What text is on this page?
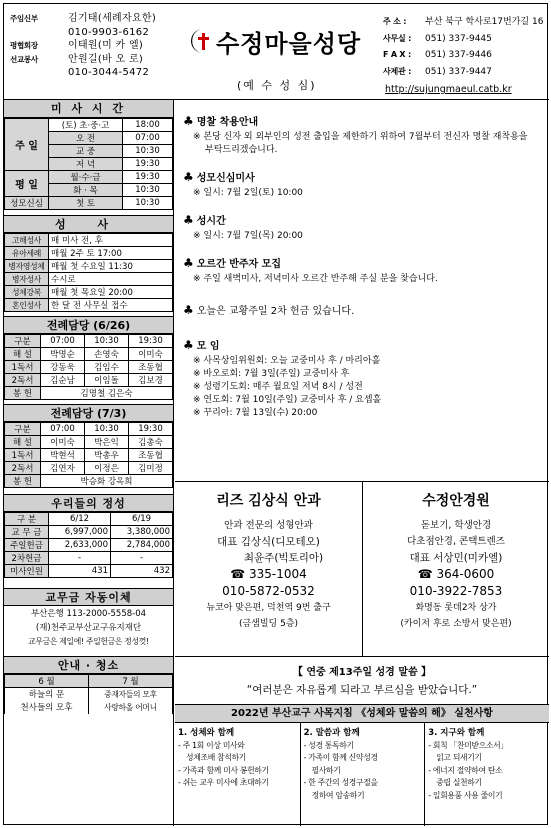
주임신부	김기태(세례자요한)
010-9903-6162
평협회장	이태원(미 카 엘)
선교봉사	안원길(바 오 로)
010-3044-5472
수정마을성당
(예 수 성 심)
주 소 :	부산 북구 학사로17번가길 16
사무실 :	051) 337-9445
F A X :	051) 337-9446
사제관 :	051) 337-9447
http://sujungmaeul.catb.kr
미 사 시 간
주 일	(토) 초·중·고	18:00
	오 전	07:00
	교 중	10:30
	저 녁	19:30
평 일	월·수·금	19:30
	화 · 목	10:30
성모신심	첫 토	10:30
성 사
고해성사	매 미사 전, 후
유아세례	매월 2주 토 17:00
병자영성체	매월 첫 수요일 11:30
병자성사	수시로
성체강복	매월 첫 목요일 20:00
혼인성사	한 달 전 사무실 접수
전례담당 (6/26)
구분	07:00	10:30	19:30
해 설	박명순	손영숙	이미숙
1독서	강동욱	김임수	조동협
2독서	김순남	이임돌	김보경
봉 헌	김명철 김은숙		
전례담당 (7/3)
구분	07:00	10:30	19:30
해 설	이미숙	박은익	김총숙
1독서	박현석	박총우	조동협
2독서	김연자	이정은	김미정
봉 헌	박승화 강옥희		
우리들의 정성
구 분	6/12	6/19
교 무 금	6,997,000	3,380,000
주일헌금	2,633,000	2,784,000
2차헌금	-	-
미사인원	431	432
교무금 자동이체
부산은행 113-2000-5558-04
(재)천주교부산교구유지재단
교무금은 제일에! 주일헌금은 정성껏!
안내 · 청소
6 월	7 월
하늘의 문	중재자들의 모후
천사들의 모후	사랑하올 어머니
♣ 명찰 착용안내
※ 본당 신자 외 외부인의 성전 출입을 제한하기 위하여 7월부터 전신자 명찰 재착용을 부탁드리겠습니다.
♣ 성모신심미사
※ 일시: 7월 2일(토) 10:00
♣ 성시간
※ 일시: 7월 7일(목) 20:00
♣ 오르간 반주자 모집
※ 주일 새벽미사, 저녁미사 오르간 반주해 주실 분을 찾습니다.
♣ 오늘은 교황주일 2차 헌금 있습니다.
♣ 모 임
※ 사목상임위원회: 오늘 교중미사 후 / 마리아홀
※ 바오로회: 7월 3일(주일) 교중미사 후
※ 성령기도회: 매주 월요일 저녁 8시 / 성전
※ 연도회: 7월 10일(주일) 교중미사 후 / 요셉홀
※ 꾸리아: 7월 13일(수) 20:00
리즈 김상식 안과
안과 전문의 성형안과
대표 김상식(디모테오)
최윤주(빅토리아)
☎ 335-1004
010-5872-0532
뉴코아 맞은편, 덕천역 9번 출구
(금샘빌딩 5층)
수정안경원
돋보기, 학생안경
다초점안경, 콘택트렌즈
대표 서상민(미카엘)
☎ 364-0600
010-3922-7853
화명동 롯데2차 상가
(카이저 후로 소방서 맞은편)
【 연중 제13주일 성경 말씀 】
“여러분은 자유롭게 되라고 부르심을 받았습니다.”
2022년 부산교구 사목지침 《성체와 말씀의 해》 실천사항
1. 성체와 함께
- 주 1회 이상 미사와
성체조배 참석하기
- 가족과 함께 미사 봉헌하기
- 쉬는 교우 미사에 초대하기
2. 말씀과 함께
- 성경 통독하기
- 가족이 함께 신약성경
필사하기
- 한 주간의 성경구절을
정하여 암송하기
3. 지구와 함께
- 회칙 「찬미받으소서」
읽고 되새기기
- 에너지 절약하여 탄소
중립 실천하기
- 일회용품 사용 줄이기
